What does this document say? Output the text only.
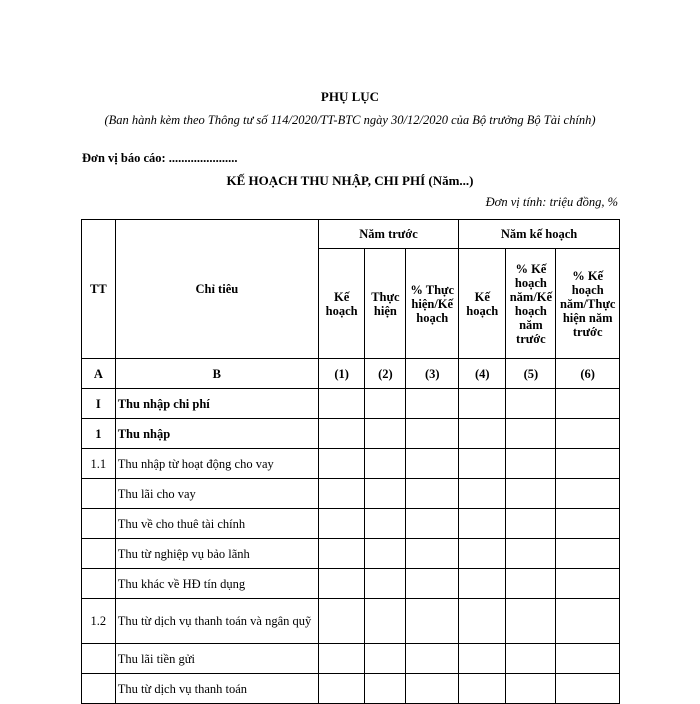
PHỤ LỤC
(Ban hành kèm theo Thông tư số 114/2020/TT-BTC ngày 30/12/2020 của Bộ trưởng Bộ Tài chính)
Đơn vị báo cáo: ......................
KẾ HOẠCH THU NHẬP, CHI PHÍ (Năm...)
Đơn vị tính: triệu đồng, %
TT	Chỉ tiêu	Năm trước			Năm kế hoạch		
		Kế hoạch	Thực hiện	% Thực hiện/Kế hoạch	Kế hoạch	% Kế hoạch năm/Kế hoạch năm trước	% Kế hoạch năm/Thực hiện năm trước
A	B	(1)	(2)	(3)	(4)	(5)	(6)
I	Thu nhập chi phí						
1	Thu nhập						
1.1	Thu nhập từ hoạt động cho vay						
	Thu lãi cho vay						
	Thu về cho thuê tài chính						
	Thu từ nghiệp vụ bảo lãnh						
	Thu khác về HĐ tín dụng						
1.2	Thu từ dịch vụ thanh toán và ngân quỹ						
	Thu lãi tiền gửi						
	Thu từ dịch vụ thanh toán						
